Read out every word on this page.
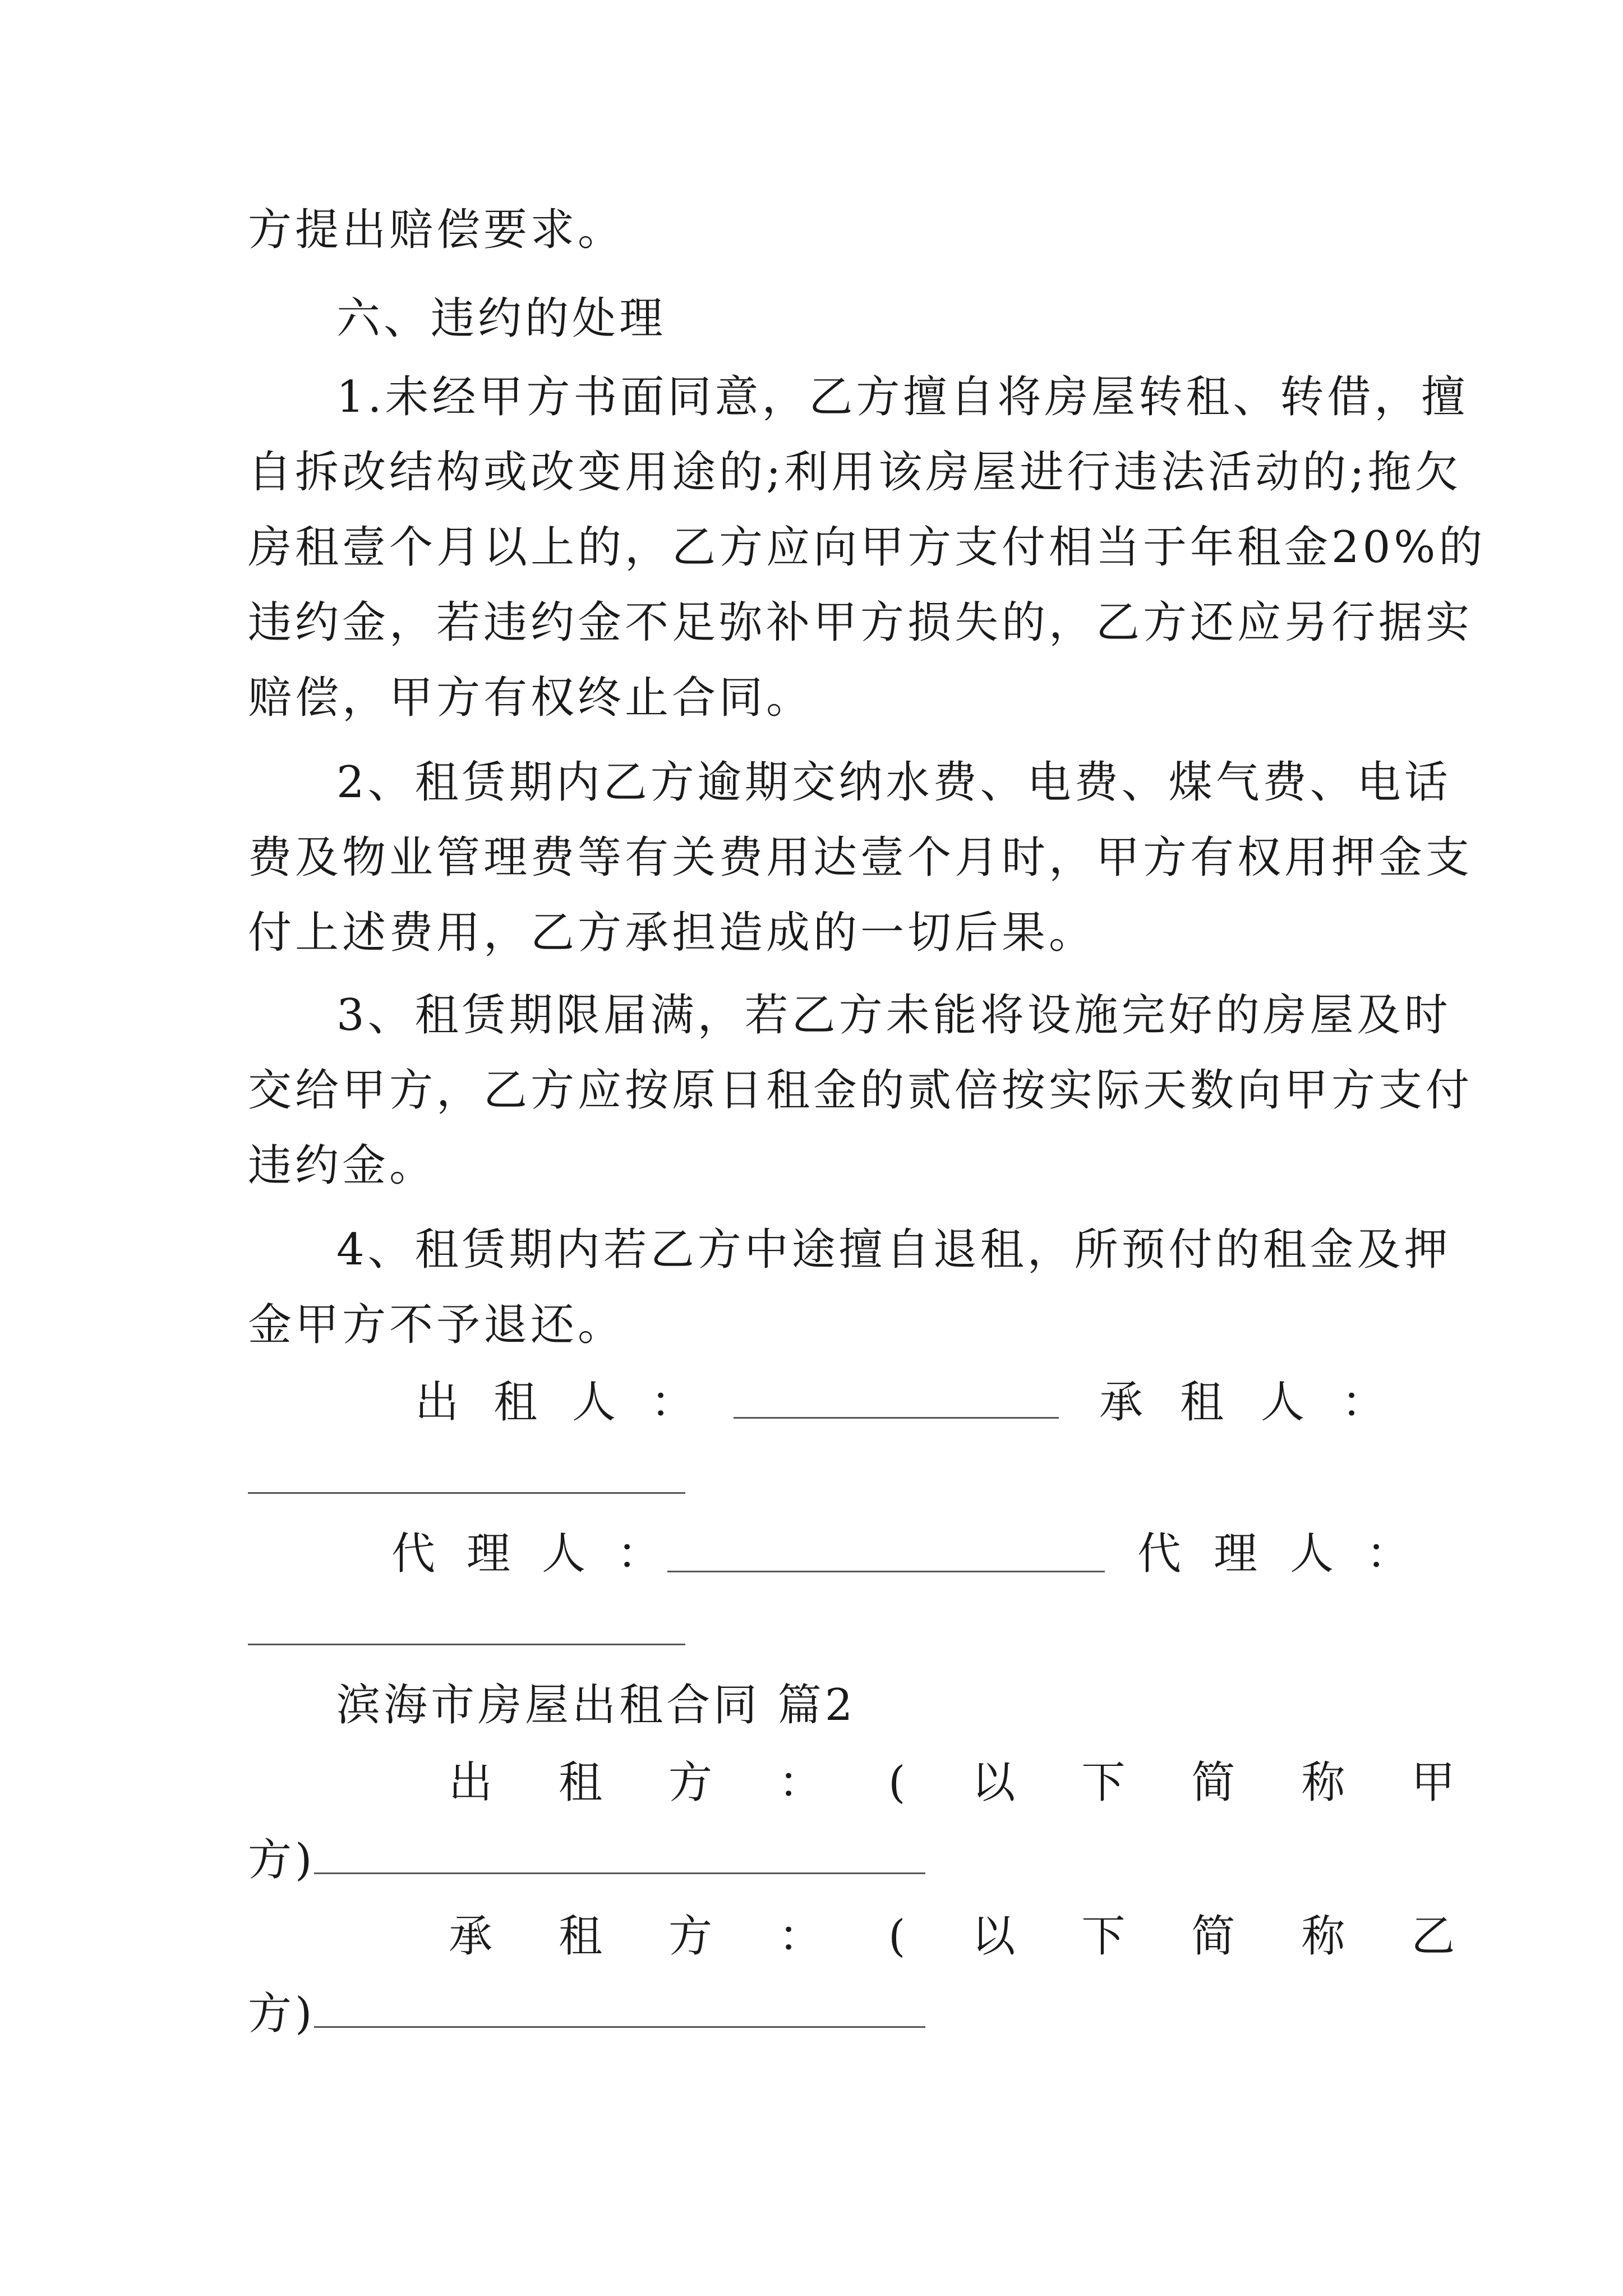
方提出赔偿要求。
六、违约的处理
1.未经甲方书面同意，乙方擅自将房屋转租、转借，擅
自拆改结构或改变用途的;利用该房屋进行违法活动的;拖欠
房租壹个月以上的，乙方应向甲方支付相当于年租金20%的
违约金，若违约金不足弥补甲方损失的，乙方还应另行据实
赔偿，甲方有权终止合同。
2、租赁期内乙方逾期交纳水费、电费、煤气费、电话
费及物业管理费等有关费用达壹个月时，甲方有权用押金支
付上述费用，乙方承担造成的一切后果。
3、租赁期限届满，若乙方未能将设施完好的房屋及时
交给甲方，乙方应按原日租金的贰倍按实际天数向甲方支付
违约金。
4、租赁期内若乙方中途擅自退租，所预付的租金及押
金甲方不予退还。
出租人：	承租人：
代理人：	代理人：
滨海市房屋出租合同 篇2
出租方：(以下简称甲
方)
承租方：(以下简称乙
方)
